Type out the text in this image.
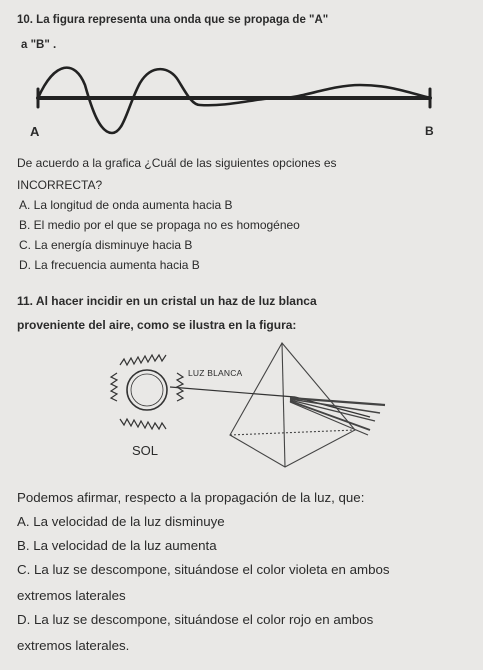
10. La figura representa una onda que se propaga de "A"
a "B" .
A	B
De acuerdo a la grafica ¿Cuál de las siguientes opciones es
INCORRECTA?
A. La longitud de onda aumenta hacia B
B. El medio por el que se propaga no es homogéneo
C. La energía disminuye hacia B
D. La frecuencia aumenta hacia B
11. Al hacer incidir en un cristal un haz de luz blanca
proveniente del aire, como se ilustra en la figura:
LUZ BLANCA
SOL
Podemos afirmar, respecto a la propagación de la luz, que:
A. La velocidad de la luz disminuye
B. La velocidad de la luz aumenta
C. La luz se descompone, situándose el color violeta en ambos
extremos laterales
D. La luz se descompone, situándose el color rojo en ambos
extremos laterales.
